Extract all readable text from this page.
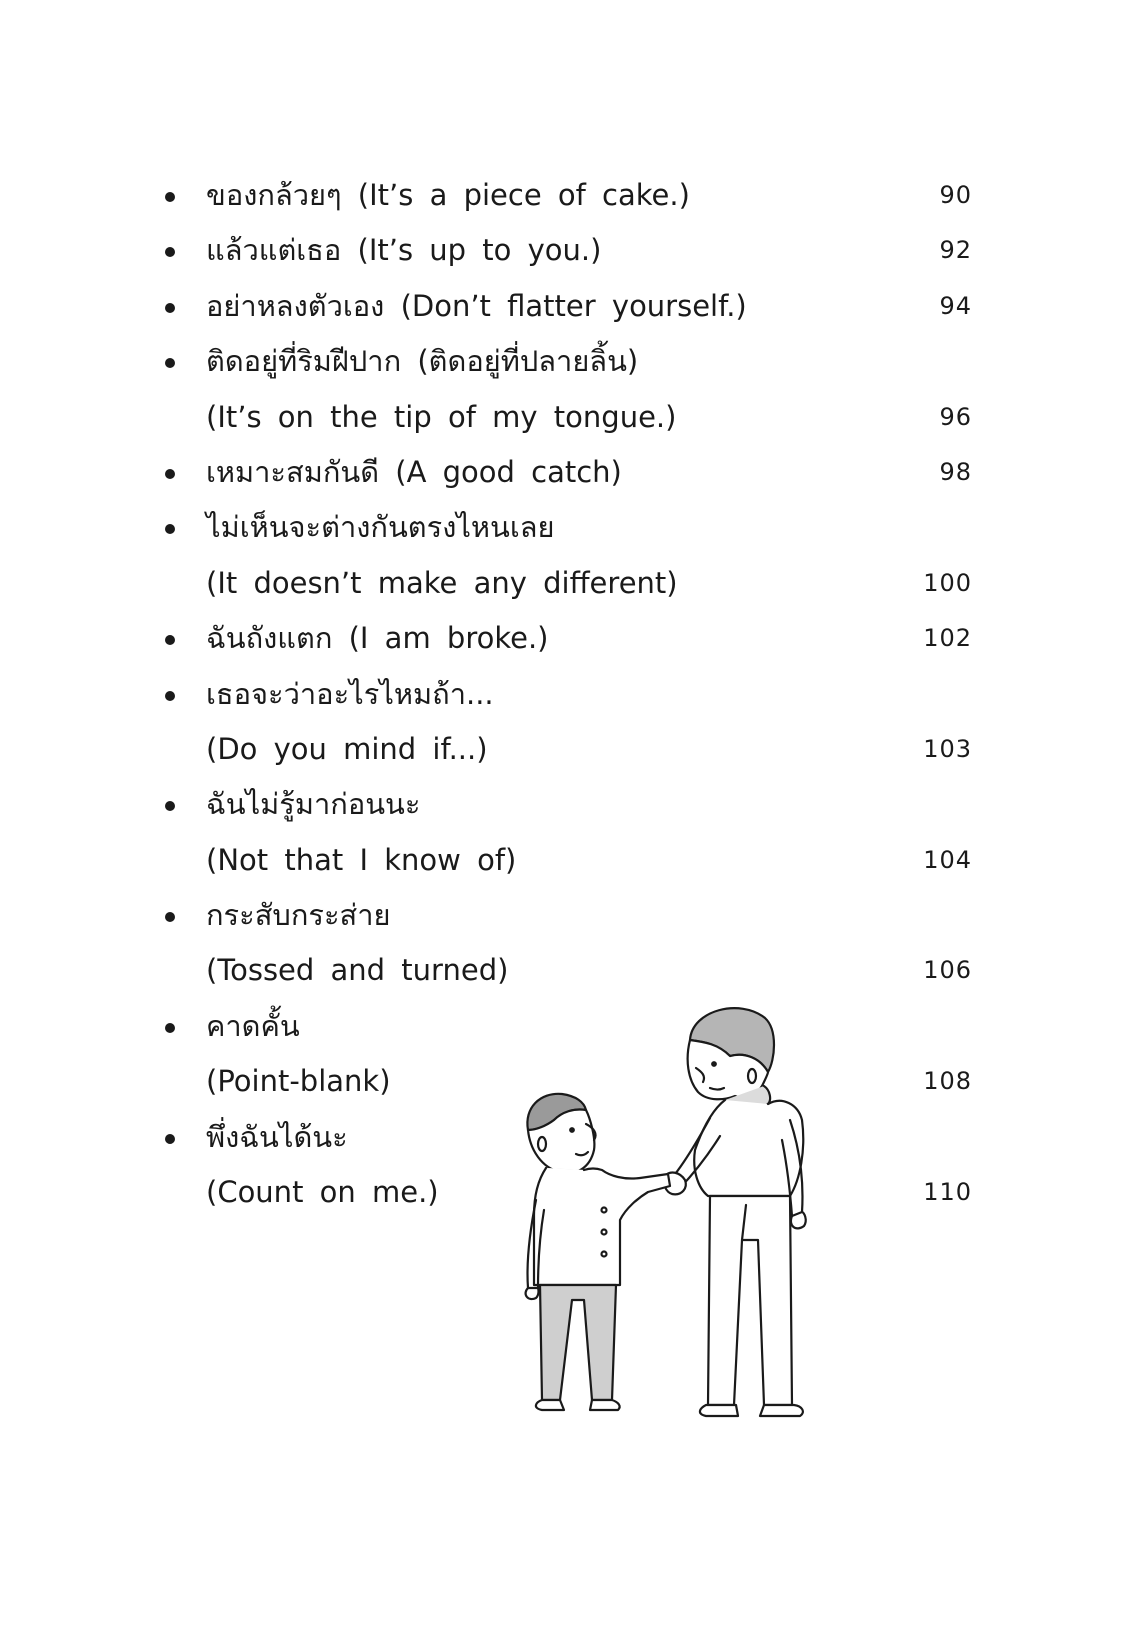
ของกล้วยๆ (It’s a piece of cake.)	90
แล้วแต่เธอ (It’s up to you.)	92
อย่าหลงตัวเอง (Don’t flatter yourself.)	94
ติดอยู่ที่ริมฝีปาก (ติดอยู่ที่ปลายลิ้น)
(It’s on the tip of my tongue.)	96
เหมาะสมกันดี (A good catch)	98
ไม่เห็นจะต่างกันตรงไหนเลย
(It doesn’t make any different)	100
ฉันถังแตก (I am broke.)	102
เธอจะว่าอะไรไหมถ้า...
(Do you mind if...)	103
ฉันไม่รู้มาก่อนนะ
(Not that I know of)	104
กระสับกระส่าย
(Tossed and turned)	106
คาดคั้น
(Point-blank)	108
พึ่งฉันได้นะ
(Count on me.)	110
